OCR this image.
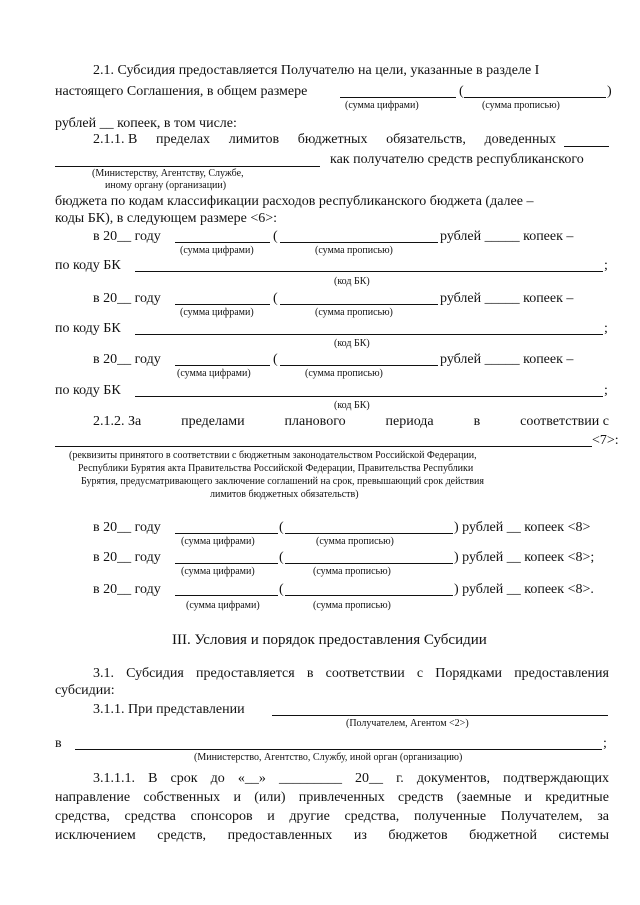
2.1. Субсидия предоставляется Получателю на цели, указанные в разделе I
настоящего Соглашения, в общем размере	(	)
(сумма цифрами)	(сумма прописью)
рублей __ копеек, в том числе:
2.1.1. В пределах лимитов бюджетных обязательств, доведенных
как получателю средств республиканского
(Министерству, Агентству, Службе,
иному органу (организации)
бюджета по кодам классификации расходов республиканского бюджета (далее –
коды БК), в следующем размере <6>:
в 20__ году	(	рублей _____ копеек –
(сумма цифрами)	(сумма прописью)
по коду БК	;
(код БК)
в 20__ году	(	рублей _____ копеек –
(сумма цифрами)	(сумма прописью)
по коду БК	;
(код БК)
в 20__ году	(	рублей _____ копеек –
(сумма цифрами)	(сумма прописью)
по коду БК	;
(код БК)
2.1.2. За	пределами	планового	периода	в	соответствии с
<7>:
(реквизиты принятого в соответствии с бюджетным законодательством Российской Федерации,
Республики Бурятия акта Правительства Российской Федерации, Правительства Республики
Бурятия, предусматривающего заключение соглашений на срок, превышающий срок действия
лимитов бюджетных обязательств)
в 20__ году	(	) рублей __ копеек <8>
(сумма цифрами)	(сумма прописью)
в 20__ году	(	) рублей __ копеек <8>;
(сумма цифрами)	(сумма прописью)
в 20__ году	(	) рублей __ копеек <8>.
(сумма цифрами)	(сумма прописью)
III. Условия и порядок предоставления Субсидии
3.1. Субсидия предоставляется в соответствии с Порядками предоставления
субсидии:
3.1.1. При представлении
(Получателем, Агентом <2>)
в	;
(Министерство, Агентство, Службу, иной орган (организацию)
3.1.1.1. В срок до «__» _________ 20__ г. документов, подтверждающих
направление собственных и (или) привлеченных средств (заемные и кредитные
средства, средства спонсоров и другие средства, полученные Получателем, за
исключением средств, предоставленных из бюджетов бюджетной системы
